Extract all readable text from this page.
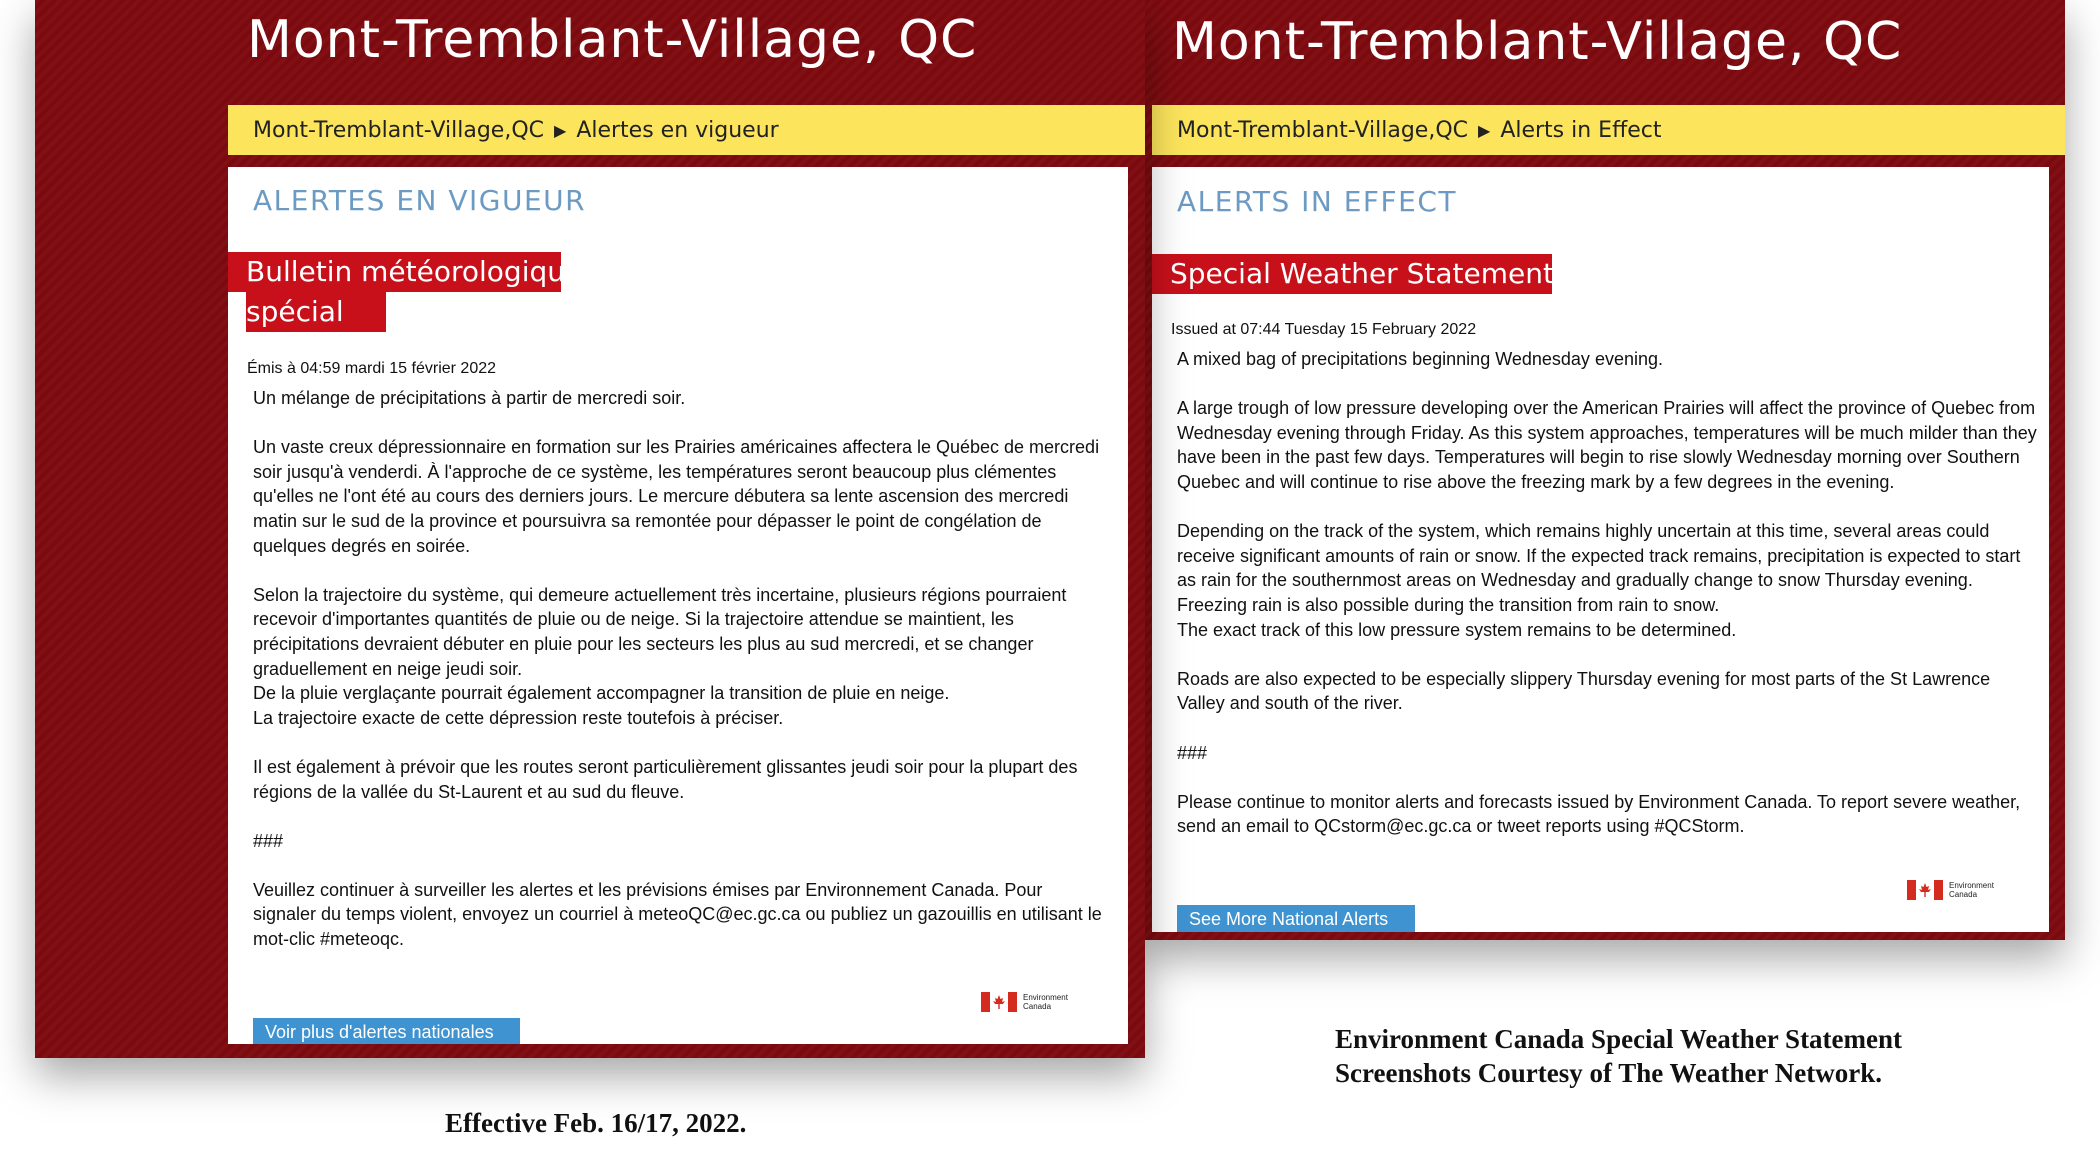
Mont-Tremblant-Village, QC
Mont-Tremblant-Village,QC ▶ Alerts in Effect
ALERTS IN EFFECT
Special Weather Statement
Issued at 07:44 Tuesday 15 February 2022

A mixed bag of precipitations beginning Wednesday evening.

A large trough of low pressure developing over the American Prairies will affect the province of Quebec from Wednesday evening through Friday. As this system approaches, temperatures will be much milder than they have been in the past few days. Temperatures will begin to rise slowly Wednesday morning over Southern Quebec and will continue to rise above the freezing mark by a few degrees in the evening.

Depending on the track of the system, which remains highly uncertain at this time, several areas could receive significant amounts of rain or snow. If the expected track remains, precipitation is expected to start as rain for the southernmost areas on Wednesday and gradually change to snow Thursday evening.

Freezing rain is also possible during the transition from rain to snow.

The exact track of this low pressure system remains to be determined.

Roads are also expected to be especially slippery Thursday evening for most parts of the St Lawrence Valley and south of the river.

###

Please continue to monitor alerts and forecasts issued by Environment Canada. To report severe weather, send an email to QCstorm@ec.gc.ca or tweet reports using #QCStorm.

Environment
Canada
See More National Alerts
Mont-Tremblant-Village, QC
Mont-Tremblant-Village,QC ▶ Alertes en vigueur
ALERTES EN VIGUEUR
Bulletin météorologique
spécial
Émis à 04:59 mardi 15 février 2022

Un mélange de précipitations à partir de mercredi soir.

Un vaste creux dépressionnaire en formation sur les Prairies américaines affectera le Québec de mercredi soir jusqu'à venderdi. À l'approche de ce système, les températures seront beaucoup plus clémentes qu'elles ne l'ont été au cours des derniers jours. Le mercure débutera sa lente ascension des mercredi matin sur le sud de la province et poursuivra sa remontée pour dépasser le point de congélation de quelques degrés en soirée.

Selon la trajectoire du système, qui demeure actuellement très incertaine, plusieurs régions pourraient recevoir d'importantes quantités de pluie ou de neige. Si la trajectoire attendue se maintient, les précipitations devraient débuter en pluie pour les secteurs les plus au sud mercredi, et se changer graduellement en neige jeudi soir.

De la pluie verglaçante pourrait également accompagner la transition de pluie en neige.

La trajectoire exacte de cette dépression reste toutefois à préciser.

Il est également à prévoir que les routes seront particulièrement glissantes jeudi soir pour la plupart des régions de la vallée du St-Laurent et au sud du fleuve.

###

Veuillez continuer à surveiller les alertes et les prévisions émises par Environnement Canada. Pour signaler du temps violent, envoyez un courriel à meteoQC@ec.gc.ca ou publiez un gazouillis en utilisant le mot-clic #meteoqc.

Environment
Canada
Voir plus d'alertes nationales
Effective Feb. 16/17, 2022.
Environment Canada Special Weather Statement
Screenshots Courtesy of The Weather Network.
